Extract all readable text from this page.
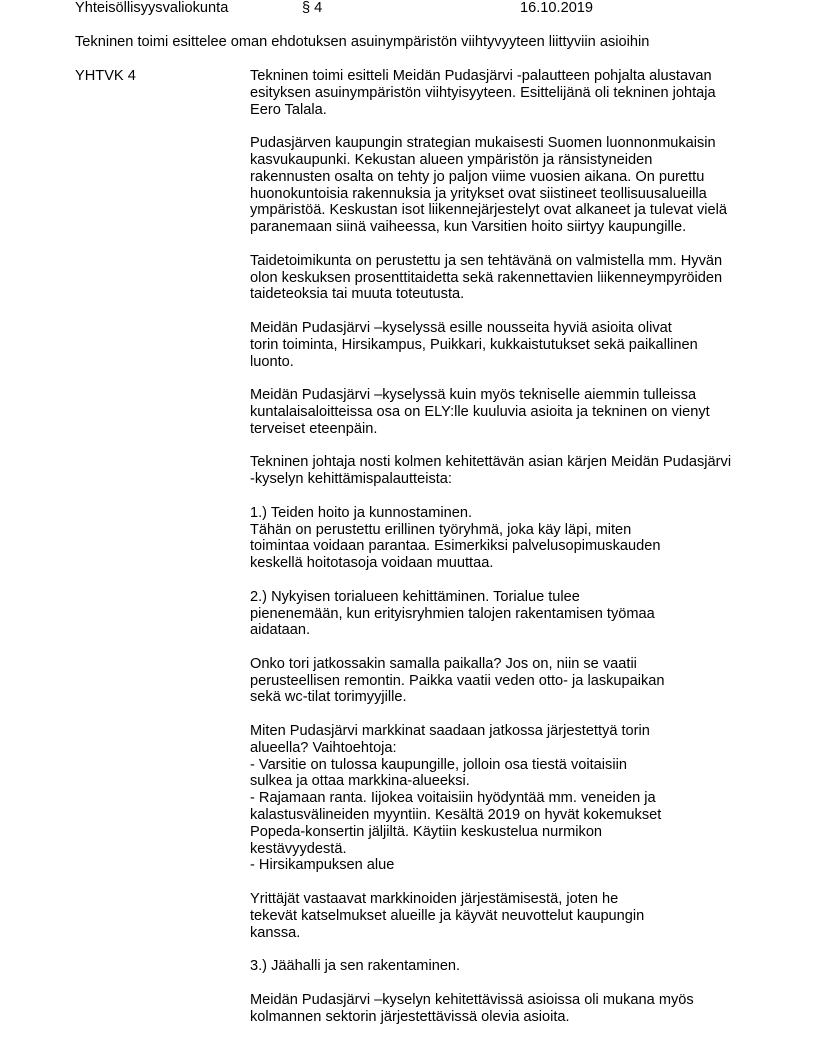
Yhteisöllisyysvaliokunta	§ 4	16.10.2019
Tekninen toimi esittelee oman ehdotuksen asuinympäristön viihtyvyyteen liittyviin asioihin
YHTVK 4	Tekninen toimi esitteli Meidän Pudasjärvi -palautteen pohjalta alustavan
esityksen asuinympäristön viihtyisyyteen. Esittelijänä oli tekninen johtaja
Eero Talala.
Pudasjärven kaupungin strategian mukaisesti Suomen luonnonmukaisin
kasvukaupunki. Kekustan alueen ympäristön ja ränsistyneiden
rakennusten osalta on tehty jo paljon viime vuosien aikana. On purettu
huonokuntoisia rakennuksia ja yritykset ovat siistineet teollisuusalueilla
ympäristöä. Keskustan isot liikennejärjestelyt ovat alkaneet ja tulevat vielä
paranemaan siinä vaiheessa, kun Varsitien hoito siirtyy kaupungille.
Taidetoimikunta on perustettu ja sen tehtävänä on valmistella mm. Hyvän
olon keskuksen prosenttitaidetta sekä rakennettavien liikenneympyröiden
taideteoksia tai muuta toteutusta.
Meidän Pudasjärvi –kyselyssä esille nousseita hyviä asioita olivat
torin toiminta, Hirsikampus, Puikkari, kukkaistutukset sekä paikallinen
luonto.
Meidän Pudasjärvi –kyselyssä kuin myös tekniselle aiemmin tulleissa
kuntalaisaloitteissa osa on ELY:lle kuuluvia asioita ja tekninen on vienyt
terveiset eteenpäin.
Tekninen johtaja nosti kolmen kehitettävän asian kärjen Meidän Pudasjärvi
-kyselyn kehittämispalautteista:
1.) Teiden hoito ja kunnostaminen.
Tähän on perustettu erillinen työryhmä, joka käy läpi, miten
toimintaa voidaan parantaa. Esimerkiksi palvelusopimuskauden
keskellä hoitotasoja voidaan muuttaa.
2.) Nykyisen torialueen kehittäminen. Torialue tulee
pienenemään, kun erityisryhmien talojen rakentamisen työmaa
aidataan.
Onko tori jatkossakin samalla paikalla? Jos on, niin se vaatii
perusteellisen remontin. Paikka vaatii veden otto- ja laskupaikan
sekä wc-tilat torimyyjille.
Miten Pudasjärvi markkinat saadaan jatkossa järjestettyä torin
alueella? Vaihtoehtoja:
- Varsitie on tulossa kaupungille, jolloin osa tiestä voitaisiin
sulkea ja ottaa markkina-alueeksi.
- Rajamaan ranta. Iijokea voitaisiin hyödyntää mm. veneiden ja
kalastusvälineiden myyntiin. Kesältä 2019 on hyvät kokemukset
Popeda-konsertin jäljiltä. Käytiin keskustelua nurmikon
kestävyydestä.
- Hirsikampuksen alue
Yrittäjät vastaavat markkinoiden järjestämisestä, joten he
tekevät katselmukset alueille ja käyvät neuvottelut kaupungin
kanssa.
3.) Jäähalli ja sen rakentaminen.
Meidän Pudasjärvi –kyselyn kehitettävissä asioissa oli mukana myös
kolmannen sektorin järjestettävissä olevia asioita.
